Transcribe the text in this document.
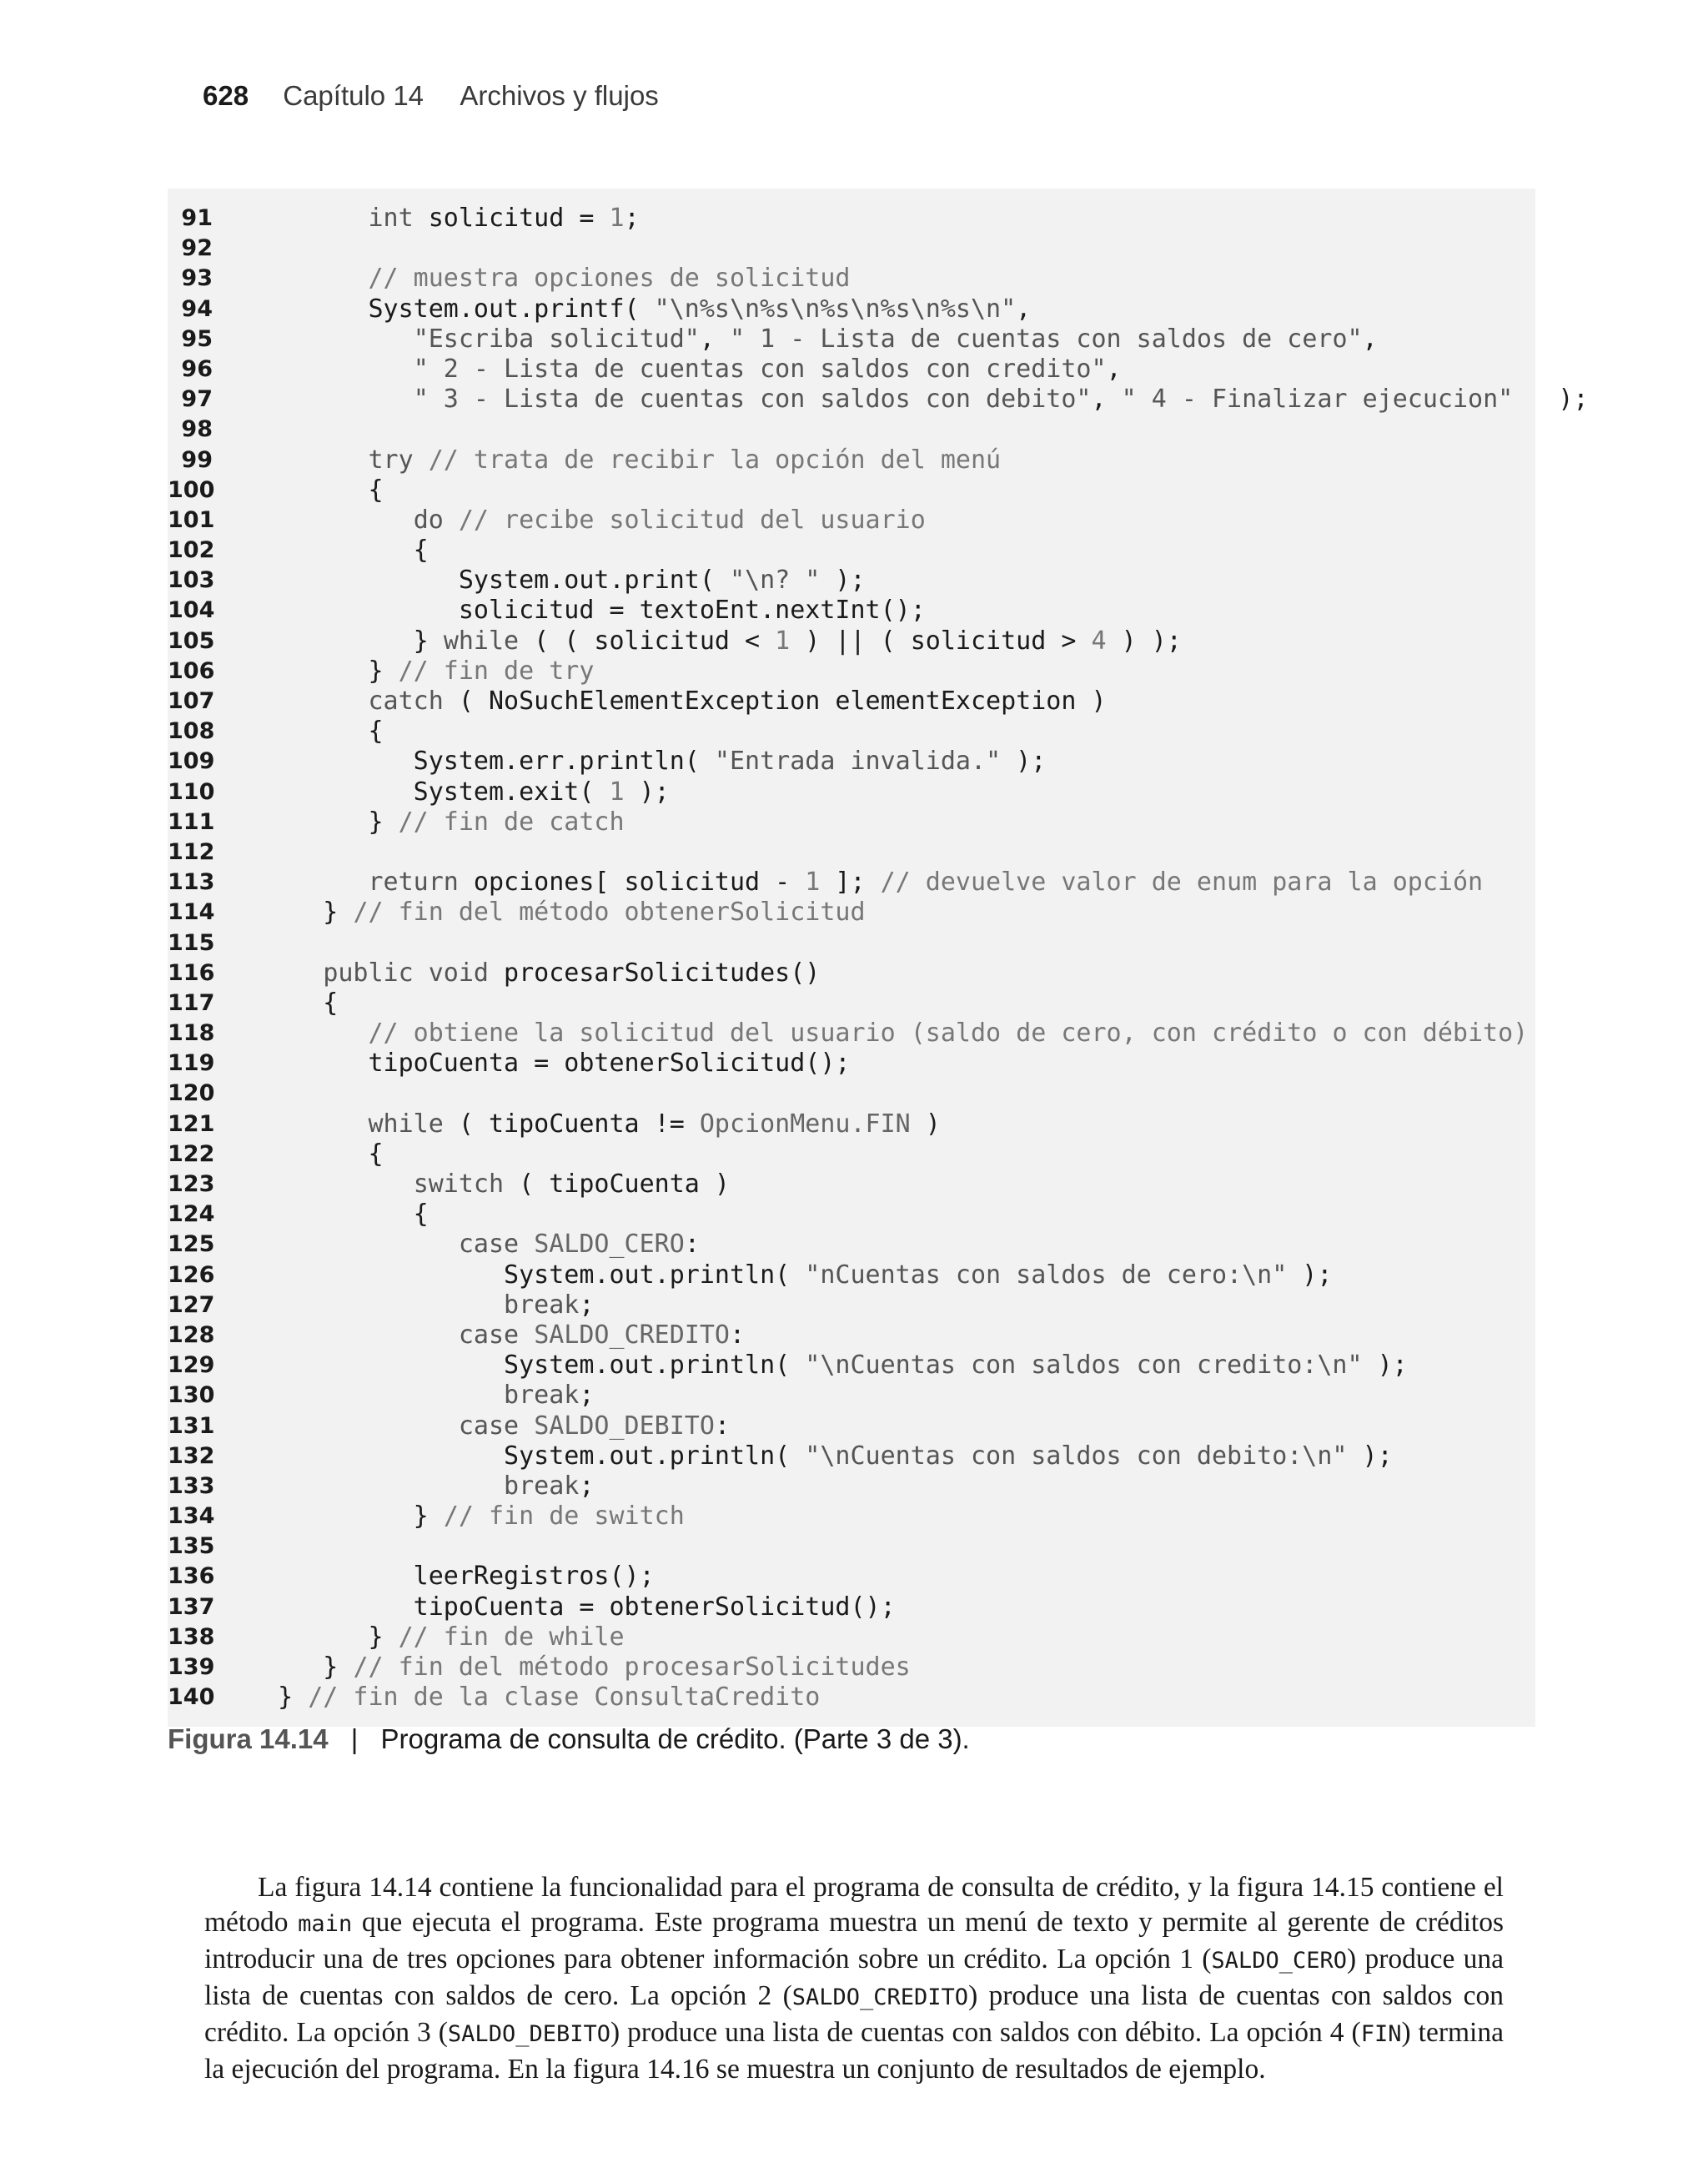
628 Capítulo 14 Archivos y flujos
91	int solicitud = 1;
92
93	// muestra opciones de solicitud
94 System.out.printf( "\n%s\n%s\n%s\n%s\n%s\n",
95	"Escriba solicitud", " 1 - Lista de cuentas con saldos de cero",
96	" 2 - Lista de cuentas con saldos con credito",
97	" 3 - Lista de cuentas con saldos con debito", " 4 - Finalizar ejecucion"   );
98
99	try // trata de recibir la opción del menú
100 {
101	do // recibe solicitud del usuario
102 {
103 System.out.print( "\n? " );
104 solicitud = textoEnt.nextInt();
105 } while ( ( solicitud < 1 ) || ( solicitud > 4 ) );
106 } // fin de try
107	catch ( NoSuchElementException elementException )
108 {
109 System.err.println( "Entrada invalida." );
110 System.exit( 1 );
111 } // fin de catch
112
113	return opciones[ solicitud - 1 ]; // devuelve valor de enum para la opción
114 } // fin del método obtenerSolicitud
115
116	public void procesarSolicitudes()
117 {
118	// obtiene la solicitud del usuario (saldo de cero, con crédito o con débito)
119 tipoCuenta = obtenerSolicitud();
120
121	while ( tipoCuenta != OpcionMenu.FIN )
122 {
123	switch ( tipoCuenta )
124 {
125	case SALDO_CERO:
126 System.out.println( "nCuentas con saldos de cero:\n" );
127	break;
128	case SALDO_CREDITO:
129 System.out.println( "\nCuentas con saldos con credito:\n" );
130	break;
131	case SALDO_DEBITO:
132 System.out.println( "\nCuentas con saldos con debito:\n" );
133	break;
134 } // fin de switch
135
136 leerRegistros();
137 tipoCuenta = obtenerSolicitud();
138 } // fin de while
139 } // fin del método procesarSolicitudes
140 } // fin de la clase ConsultaCredito
Figura 14.14 | Programa de consulta de crédito. (Parte 3 de 3).

La figura 14.14 contiene la funcionalidad para el programa de consulta de crédito, y la figura 14.15 contiene el método main que ejecuta el programa. Este programa muestra un menú de texto y permite al gerente de créditos introducir una de tres opciones para obtener información sobre un crédito. La opción 1 (SALDO_CERO) produce una lista de cuentas con saldos de cero. La opción 2 (SALDO_CREDITO) produce una lista de cuentas con saldos con crédito. La opción 3 (SALDO_DEBITO) produce una lista de cuentas con saldos con débito. La opción 4 (FIN) termina la ejecución del programa. En la figura 14.16 se muestra un conjunto de resultados de ejemplo.
